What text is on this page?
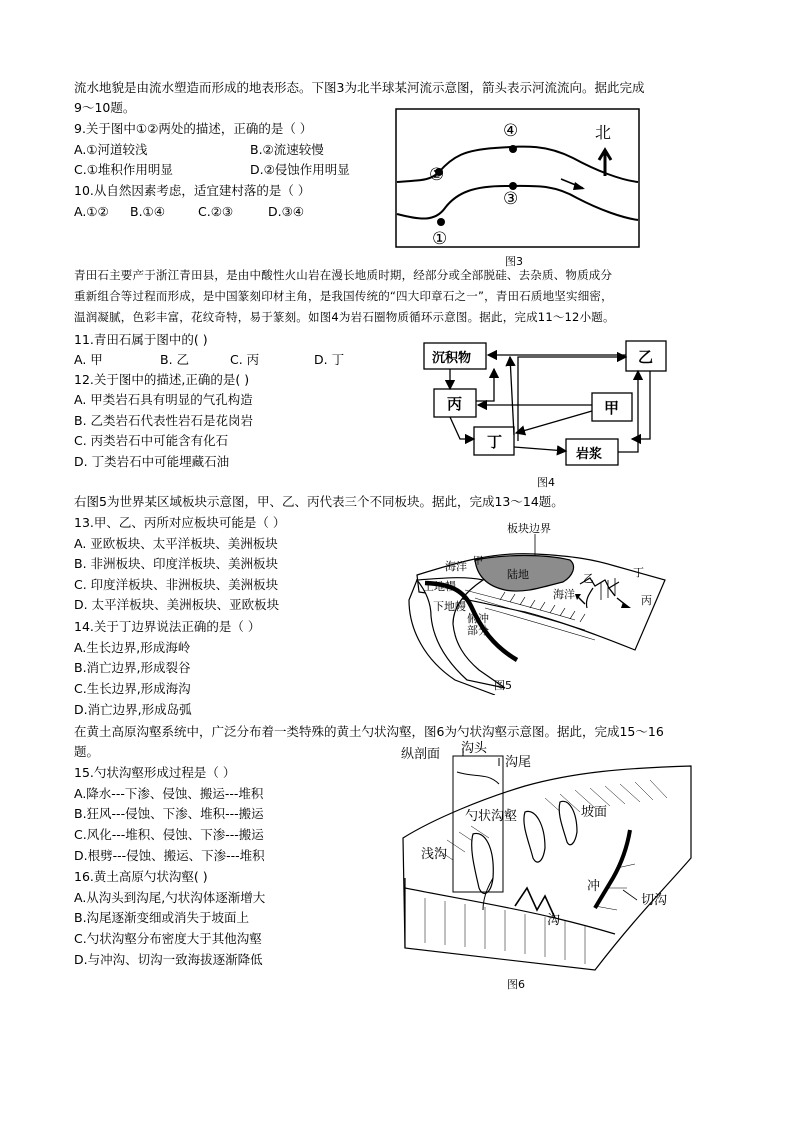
流水地貌是由流水塑造而形成的地表形态。下图3为北半球某河流示意图，箭头表示河流流向。据此完成
9～10题。
9.关于图中①②两处的描述，正确的是（ ）
A.①河道较浅	B.②流速较慢
C.①堆积作用明显	D.②侵蚀作用明显
10.从自然因素考虑，适宜建村落的是（ ）
A.①② B.①④	C.②③	D.③④
②
④
③
①
北
图3
青田石主要产于浙江青田县，是由中酸性火山岩在漫长地质时期，经部分或全部脱硅、去杂质、物质成分
重新组合等过程而形成，是中国篆刻印材主角，是我国传统的“四大印章石之一”，青田石质地坚实细密，
温润凝腻，色彩丰富，花纹奇特，易于篆刻。如图4为岩石圈物质循环示意图。据此，完成11～12小题。
11.青田石属于图中的( )
A. 甲	B. 乙	C. 丙	D. 丁
12.关于图中的描述,正确的是( )
A. 甲类岩石具有明显的气孔构造
B. 乙类岩石代表性岩石是花岗岩
C. 丙类岩石中可能含有化石
D. 丁类岩石中可能埋藏石油
沉积物	乙
丙	甲
丁
岩浆
图4
右图5为世界某区域板块示意图，甲、乙、丙代表三个不同板块。据此，完成13～14题。
13.甲、乙、丙所对应板块可能是（ ）
A. 亚欧板块、太平洋板块、美洲板块
B. 非洲板块、印度洋板块、美洲板块
C. 印度洋板块、非洲板块、美洲板块
D. 太平洋板块、美洲板块、亚欧板块
14.关于丁边界说法正确的是（ ）
A.生长边界,形成海岭
B.消亡边界,形成裂谷
C.生长边界,形成海沟
D.消亡边界,形成岛弧
板块边界
海洋 甲
陆地	乙	丁
海洋	丙
上地幔
下地幔
俯冲
部分
图5
在黄土高原沟壑系统中，广泛分布着一类特殊的黄土勺状沟壑，图6为勺状沟壑示意图。据此，完成15～16
题。
15.勺状沟壑形成过程是（ ）
A.降水---下渗、侵蚀、搬运---堆积
B.狂风---侵蚀、下渗、堆积---搬运
C.风化---堆积、侵蚀、下渗---搬运
D.根劈---侵蚀、搬运、下渗---堆积
16.黄土高原勺状沟壑( )
A.从沟头到沟尾,勺状沟体逐渐增大
B.沟尾逐渐变细或消失于坡面上
C.勺状沟壑分布密度大于其他沟壑
D.与冲沟、切沟一致海拔逐渐降低
纵剖面 沟头
沟尾
勺状沟壑	坡面
浅沟
冲
沟
切沟
图6
